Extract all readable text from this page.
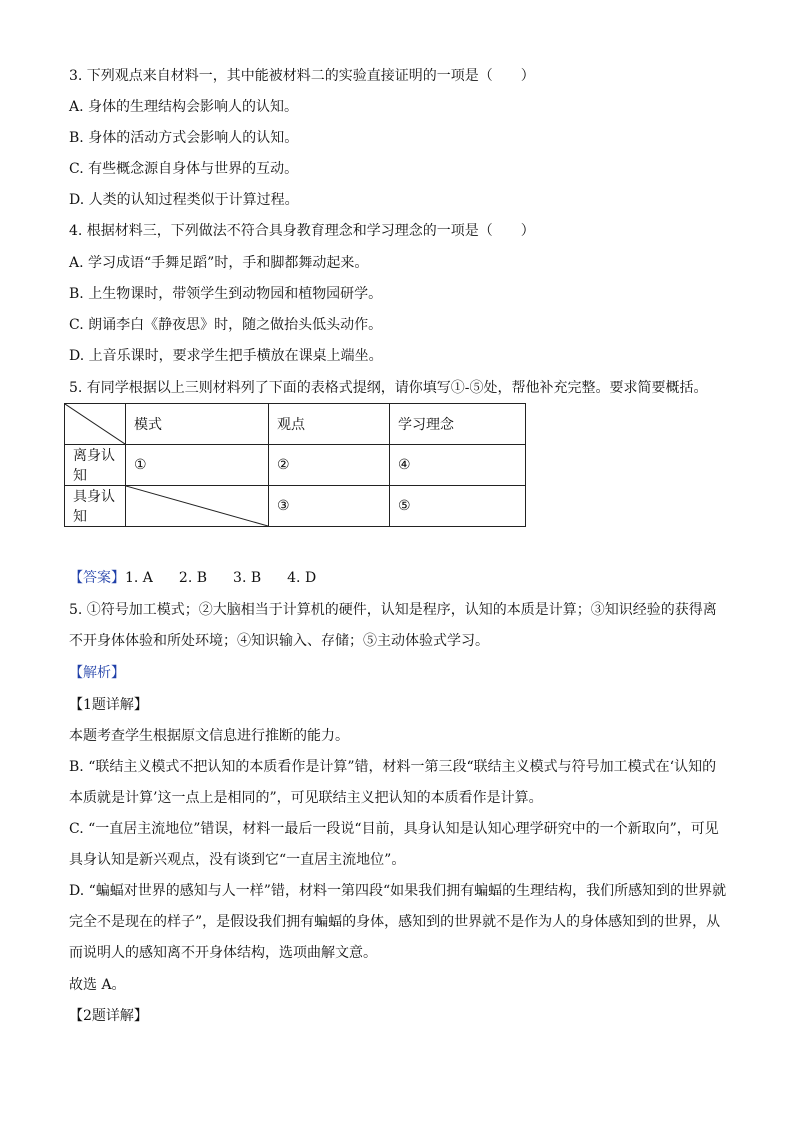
3. 下列观点来自材料一，其中能被材料二的实验直接证明的一项是（　　）
A. 身体的生理结构会影响人的认知。
B. 身体的活动方式会影响人的认知。
C. 有些概念源自身体与世界的互动。
D. 人类的认知过程类似于计算过程。
4. 根据材料三，下列做法不符合具身教育理念和学习理念的一项是（　　）
A. 学习成语“手舞足蹈”时，手和脚都舞动起来。
B. 上生物课时，带领学生到动物园和植物园研学。
C. 朗诵李白《静夜思》时，随之做抬头低头动作。
D. 上音乐课时，要求学生把手横放在课桌上端坐。
5. 有同学根据以上三则材料列了下面的表格式提纲，请你填写①-⑤处，帮他补充完整。要求简要概括。
	模式	观点	学习理念
离身认知	①	②	④
具身认知		③	⑤
【答案】1. A 2. B 3. B 4. D
5. ①符号加工模式；②大脑相当于计算机的硬件，认知是程序，认知的本质是计算；③知识经验的获得离不开身体体验和所处环境；④知识输入、存储；⑤主动体验式学习。
【解析】
【1题详解】
本题考查学生根据原文信息进行推断的能力。
B. “联结主义模式不把认知的本质看作是计算”错，材料一第三段“联结主义模式与符号加工模式在‘认知的本质就是计算’这一点上是相同的”，可见联结主义把认知的本质看作是计算。
C. “一直居主流地位”错误，材料一最后一段说“目前，具身认知是认知心理学研究中的一个新取向”，可见具身认知是新兴观点，没有谈到它“一直居主流地位”。
D. “蝙蝠对世界的感知与人一样”错，材料一第四段“如果我们拥有蝙蝠的生理结构，我们所感知到的世界就完全不是现在的样子”，是假设我们拥有蝙蝠的身体，感知到的世界就不是作为人的身体感知到的世界，从而说明人的感知离不开身体结构，选项曲解文意。
故选 A。
【2题详解】
